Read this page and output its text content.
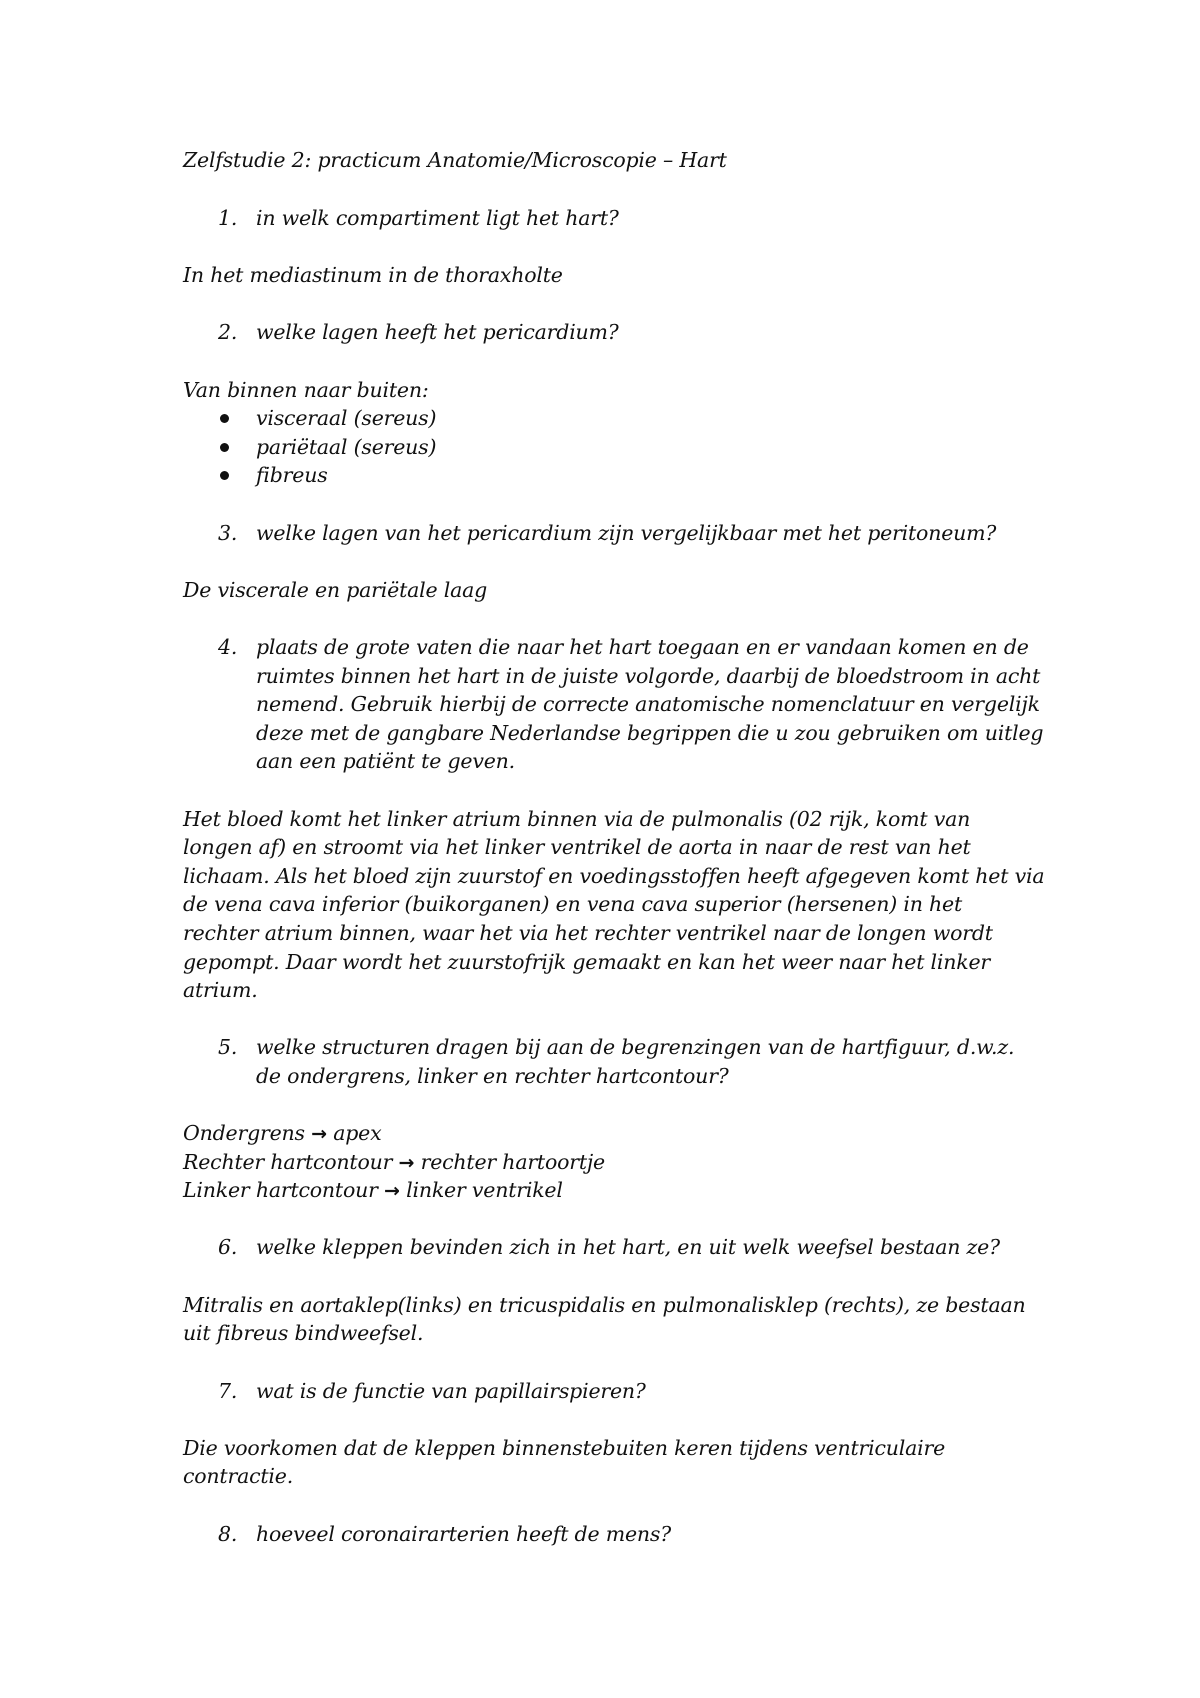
Zelfstudie 2: practicum Anatomie/Microscopie – Hart
1. in welk compartiment ligt het hart?
In het mediastinum in de thoraxholte
2. welke lagen heeft het pericardium?
Van binnen naar buiten:
visceraal (sereus)
pariëtaal (sereus)
fibreus
3. welke lagen van het pericardium zijn vergelijkbaar met het peritoneum?
De viscerale en pariëtale laag
4. plaats de grote vaten die naar het hart toegaan en er vandaan komen en de
ruimtes binnen het hart in de juiste volgorde, daarbij de bloedstroom in acht
nemend. Gebruik hierbij de correcte anatomische nomenclatuur en vergelijk
deze met de gangbare Nederlandse begrippen die u zou gebruiken om uitleg
aan een patiënt te geven.
Het bloed komt het linker atrium binnen via de pulmonalis (02 rijk, komt van
longen af) en stroomt via het linker ventrikel de aorta in naar de rest van het
lichaam. Als het bloed zijn zuurstof en voedingsstoffen heeft afgegeven komt het via
de vena cava inferior (buikorganen) en vena cava superior (hersenen) in het
rechter atrium binnen, waar het via het rechter ventrikel naar de longen wordt
gepompt. Daar wordt het zuurstofrijk gemaakt en kan het weer naar het linker
atrium.
5. welke structuren dragen bij aan de begrenzingen van de hartfiguur, d.w.z.
de ondergrens, linker en rechter hartcontour?
Ondergrens → apex
Rechter hartcontour → rechter hartoortje
Linker hartcontour → linker ventrikel
6. welke kleppen bevinden zich in het hart, en uit welk weefsel bestaan ze?
Mitralis en aortaklep(links) en tricuspidalis en pulmonalisklep (rechts), ze bestaan
uit fibreus bindweefsel.
7. wat is de functie van papillairspieren?
Die voorkomen dat de kleppen binnenstebuiten keren tijdens ventriculaire
contractie.
8. hoeveel coronairarterien heeft de mens?
